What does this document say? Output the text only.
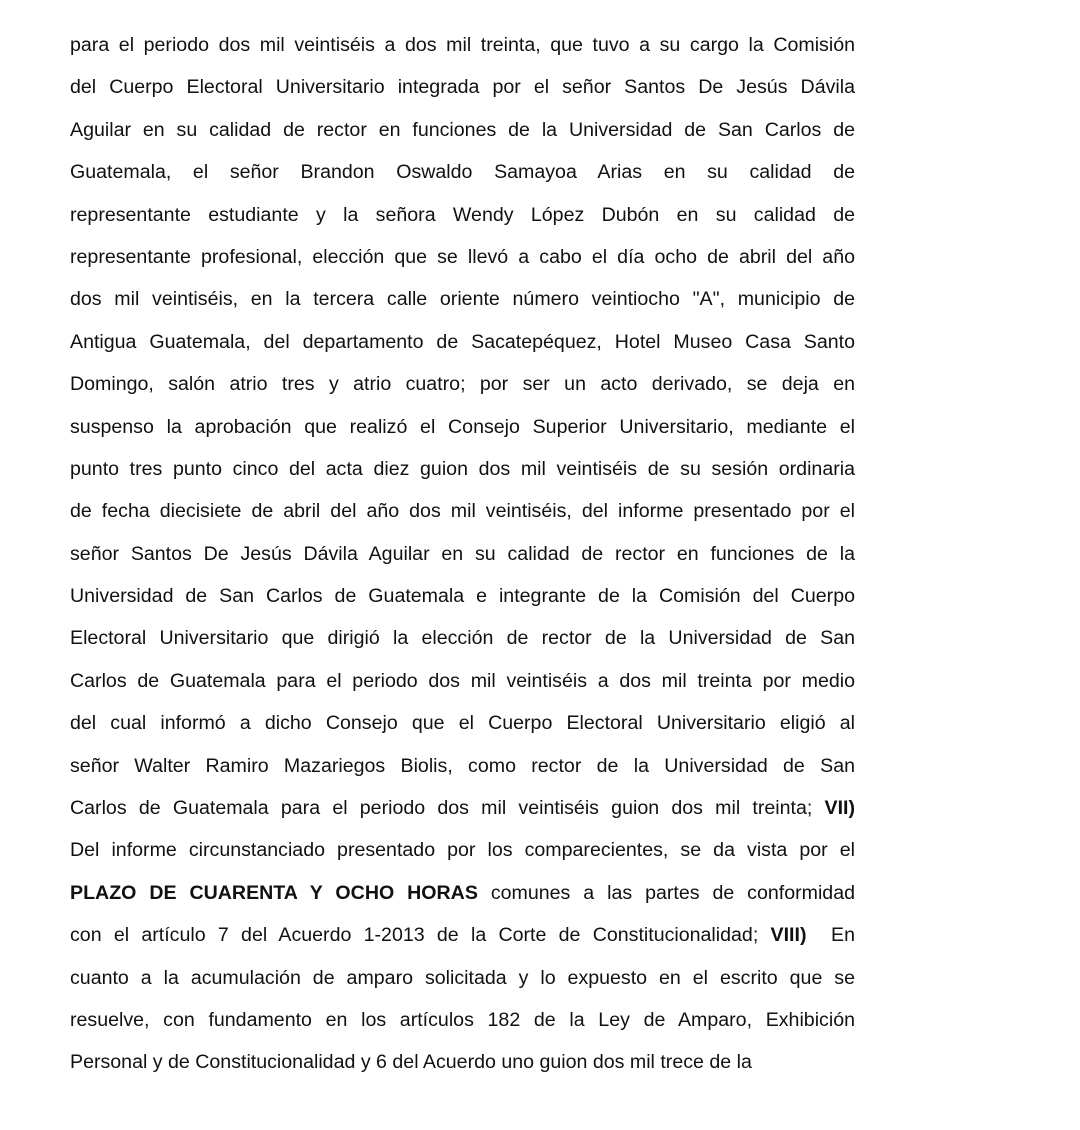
para el periodo dos mil veintiséis a dos mil treinta, que tuvo a su cargo la Comisión
del Cuerpo Electoral Universitario integrada por el señor Santos De Jesús Dávila
Aguilar en su calidad de rector en funciones de la Universidad de San Carlos de
Guatemala, el señor Brandon Oswaldo Samayoa Arias en su calidad de
representante estudiante y la señora Wendy López Dubón en su calidad de
representante profesional, elección que se llevó a cabo el día ocho de abril del año
dos mil veintiséis, en la tercera calle oriente número veintiocho "A", municipio de
Antigua Guatemala, del departamento de Sacatepéquez, Hotel Museo Casa Santo
Domingo, salón atrio tres y atrio cuatro; por ser un acto derivado, se deja en
suspenso la aprobación que realizó el Consejo Superior Universitario, mediante el
punto tres punto cinco del acta diez guion dos mil veintiséis de su sesión ordinaria
de fecha diecisiete de abril del año dos mil veintiséis, del informe presentado por el
señor Santos De Jesús Dávila Aguilar en su calidad de rector en funciones de la
Universidad de San Carlos de Guatemala e integrante de la Comisión del Cuerpo
Electoral Universitario que dirigió la elección de rector de la Universidad de San
Carlos de Guatemala para el periodo dos mil veintiséis a dos mil treinta por medio
del cual informó a dicho Consejo que el Cuerpo Electoral Universitario eligió al
señor Walter Ramiro Mazariegos Biolis, como rector de la Universidad de San
Carlos de Guatemala para el periodo dos mil veintiséis guion dos mil treinta; VII)
Del informe circunstanciado presentado por los comparecientes, se da vista por el
PLAZO DE CUARENTA Y OCHO HORAS comunes a las partes de conformidad
con el artículo 7 del Acuerdo 1-2013 de la Corte de Constitucionalidad; VIII) En
cuanto a la acumulación de amparo solicitada y lo expuesto en el escrito que se
resuelve, con fundamento en los artículos 182 de la Ley de Amparo, Exhibición
Personal y de Constitucionalidad y 6 del Acuerdo uno guion dos mil trece de la
